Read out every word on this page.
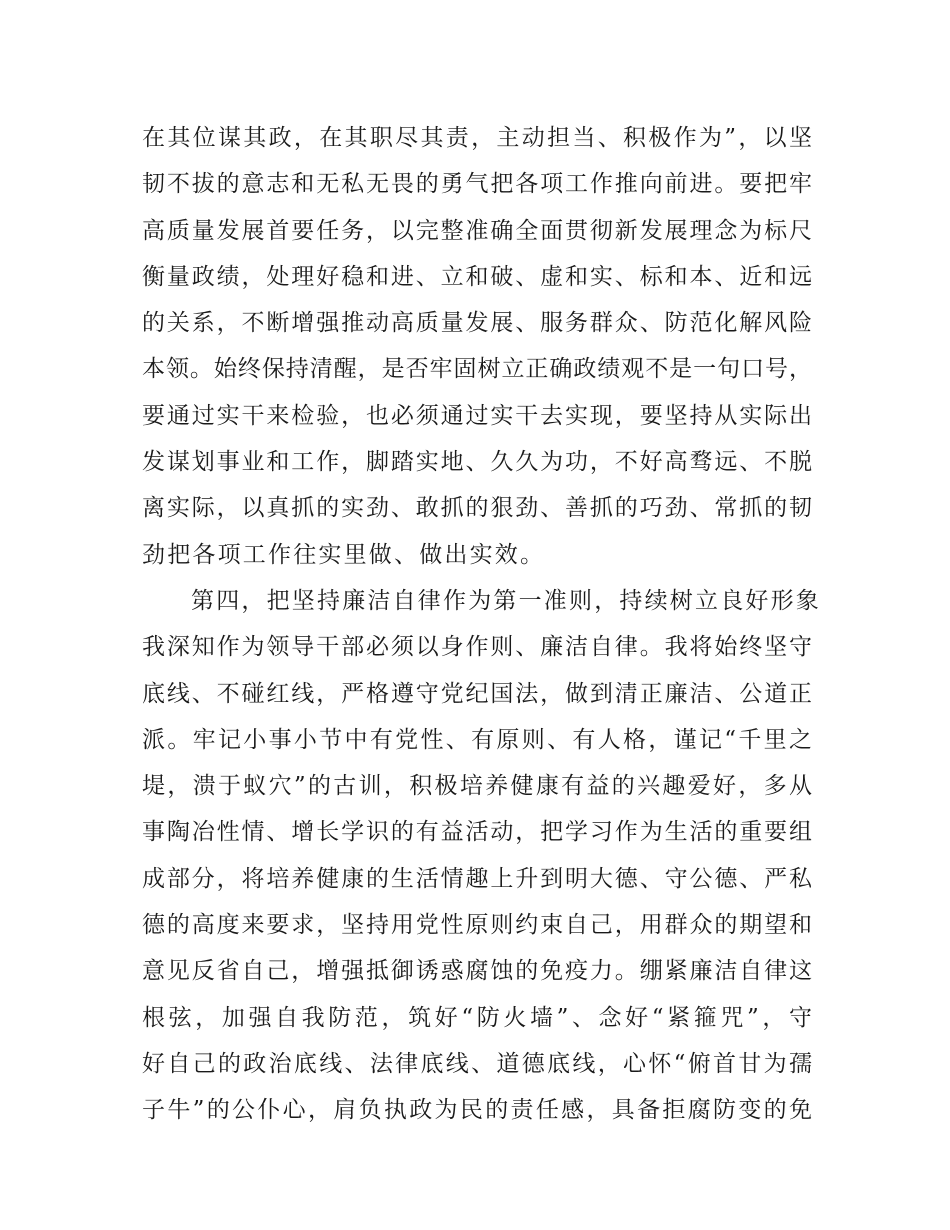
在其位谋其政，在其职尽其责，主动担当、积极作为”，以坚
韧不拔的意志和无私无畏的勇气把各项工作推向前进。要把牢
高质量发展首要任务，以完整准确全面贯彻新发展理念为标尺
衡量政绩，处理好稳和进、立和破、虚和实、标和本、近和远
的关系，不断增强推动高质量发展、服务群众、防范化解风险
本领。始终保持清醒，是否牢固树立正确政绩观不是一句口号，
要通过实干来检验，也必须通过实干去实现，要坚持从实际出
发谋划事业和工作，脚踏实地、久久为功，不好高骛远、不脱
离实际，以真抓的实劲、敢抓的狠劲、善抓的巧劲、常抓的韧
劲把各项工作往实里做、做出实效。
第四，把坚持廉洁自律作为第一准则，持续树立良好形象
我深知作为领导干部必须以身作则、廉洁自律。我将始终坚守
底线、不碰红线，严格遵守党纪国法，做到清正廉洁、公道正
派。牢记小事小节中有党性、有原则、有人格，谨记“千里之
堤，溃于蚁穴”的古训，积极培养健康有益的兴趣爱好，多从
事陶冶性情、增长学识的有益活动，把学习作为生活的重要组
成部分，将培养健康的生活情趣上升到明大德、守公德、严私
德的高度来要求，坚持用党性原则约束自己，用群众的期望和
意见反省自己，增强抵御诱惑腐蚀的免疫力。绷紧廉洁自律这
根弦，加强自我防范，筑好“防火墙”、念好“紧箍咒”，守
好自己的政治底线、法律底线、道德底线，心怀“俯首甘为孺
子牛”的公仆心，肩负执政为民的责任感，具备拒腐防变的免
